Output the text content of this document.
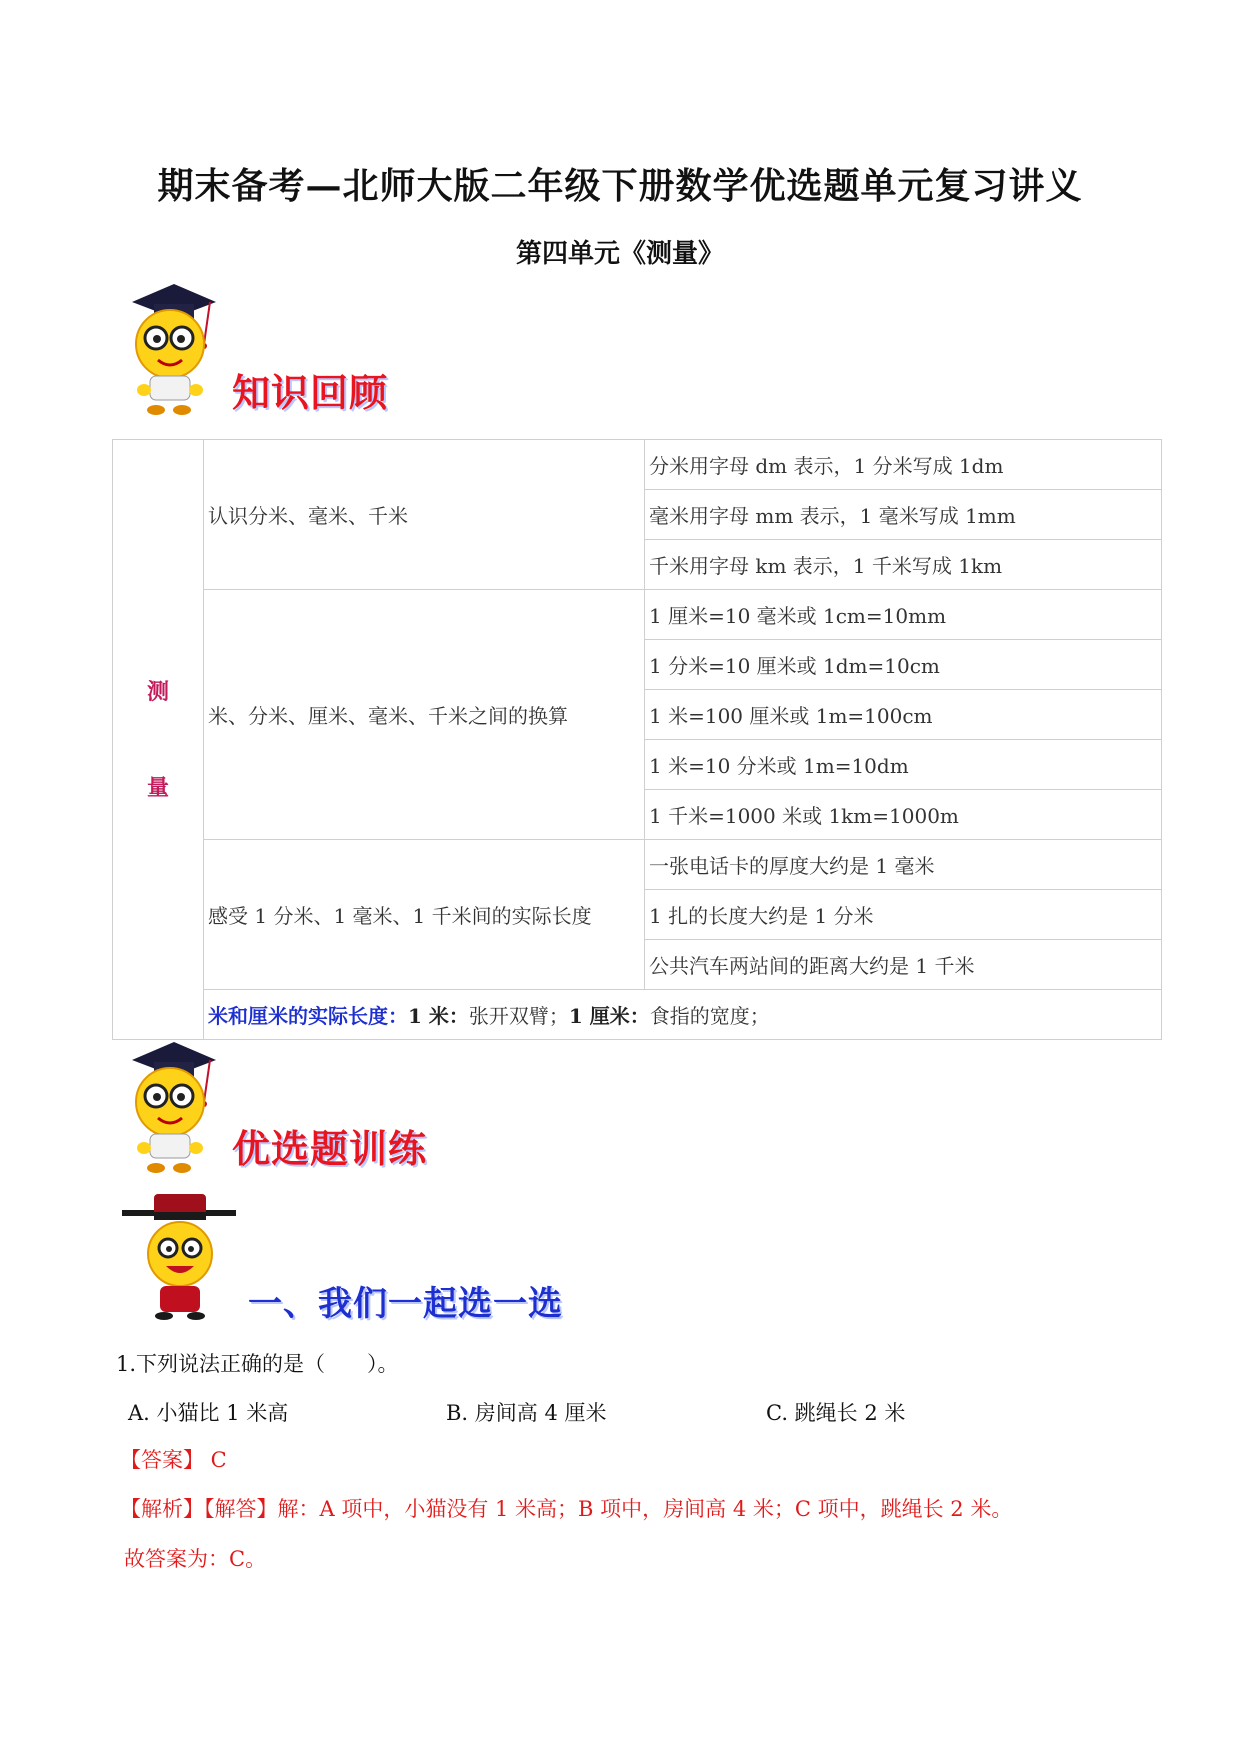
期末备考—北师大版二年级下册数学优选题单元复习讲义
第四单元《测量》
知识回顾
测
量	认识分米、毫米、千米	分米用字母 dm 表示，1 分米写成 1dm
		毫米用字母 mm 表示，1 毫米写成 1mm
		千米用字母 km 表示，1 千米写成 1km
	米、分米、厘米、毫米、千米之间的换算	1 厘米=10 毫米或 1cm=10mm
		1 分米=10 厘米或 1dm=10cm
		1 米=100 厘米或 1m=100cm
		1 米=10 分米或 1m=10dm
		1 千米=1000 米或 1km=1000m
	感受 1 分米、1 毫米、1 千米间的实际长度	一张电话卡的厚度大约是 1 毫米
		1 扎的长度大约是 1 分米
		公共汽车两站间的距离大约是 1 千米
	米和厘米的实际长度：1 米：张开双臂；1 厘米：食指的宽度；	
优选题训练
一、我们一起选一选
1.下列说法正确的是（　　）。
A. 小猫比 1 米高	B. 房间高 4 厘米	C. 跳绳长 2 米
【答案】 C
【解析】【解答】解：A 项中，小猫没有 1 米高；B 项中，房间高 4 米；C 项中，跳绳长 2 米。
故答案为：C。
